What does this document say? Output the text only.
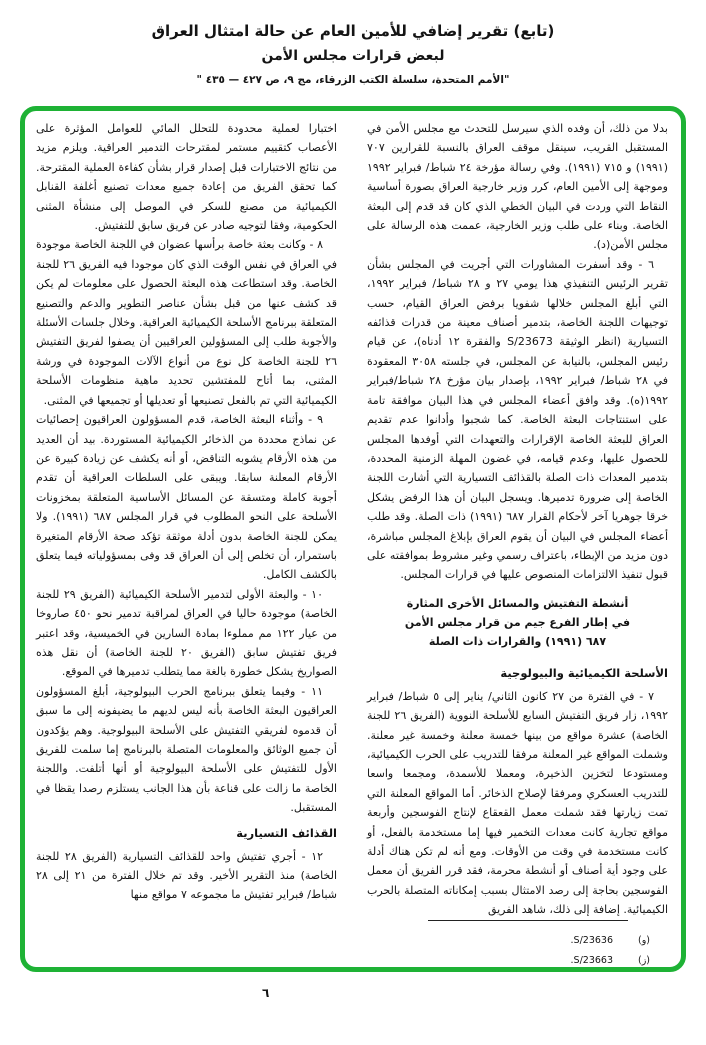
(تابع) تقرير إضافي للأمين العام عن حالة امتثال العراق
لبعض قرارات مجلس الأمن
"الأمم المتحدة، سلسلة الكتب الزرقاء، مج ٩، ص ٤٢٧ — ٤٣٥ "

بدلا من ذلك، أن وفده الذي سيرسل للتحدث مع مجلس الأمن في المستقبل القريب، سينقل موقف العراق بالنسبة للقرارين ٧٠٧ (١٩٩١) و ٧١٥ (١٩٩١). وفي رسالة مؤرخة ٢٤ شباط/ فبراير ١٩٩٢ وموجهة إلى الأمين العام، كرر وزير خارجية العراق بصورة أساسية النقاط التي وردت في البيان الخطي الذي كان قد قدم إلى البعثة الخاصة. وبناء على طلب وزير الخارجية، عممت هذه الرسالة على مجلس الأمن(د).

٦ - وقد أسفرت المشاورات التي أجريت في المجلس بشأن تقرير الرئيس التنفيذي هذا يومي ٢٧ و ٢٨ شباط/ فبراير ١٩٩٢، التي أبلغ المجلس خلالها شفويا برفض العراق القيام، حسب توجيهات اللجنة الخاصة، بتدمير أصناف معينة من قدرات قذائفه التسيارية (انظر الوثيقة S/23673 والفقرة ١٢ أدناه)، عن قيام رئيس المجلس، بالنيابة عن المجلس، في جلسته ٣٠٥٨ المعقودة في ٢٨ شباط/ فبراير ١٩٩٢، بإصدار بيان مؤرخ ٢٨ شباط/فبراير ١٩٩٢(ه). وقد وافق أعضاء المجلس في هذا البيان موافقة تامة على استنتاجات البعثة الخاصة. كما شجبوا وأدانوا عدم تقديم العراق للبعثة الخاصة الإقرارات والتعهدات التي أوفدها المجلس للحصول عليها، وعدم قيامه، في غضون المهلة الزمنية المحددة، بتدمير المعدات ذات الصلة بالقذائف التسيارية التي أشارت اللجنة الخاصة إلى ضرورة تدميرها. ويسجل البيان أن هذا الرفض يشكل خرقا جوهريا آخر لأحكام القرار ٦٨٧ (١٩٩١) ذات الصلة. وقد طلب أعضاء المجلس في البيان أن يقوم العراق بإبلاغ المجلس مباشرة، دون مزيد من الإبطاء، باعتراف رسمي وغير مشروط بموافقته على قبول تنفيذ الالتزامات المنصوص عليها في قرارات المجلس.

أنشطة التفتيش والمسائل الأخرى المثارة
في إطار الفرع جيم من قرار مجلس الأمن
٦٨٧ (١٩٩١) والقرارات ذات الصلة
الأسلحة الكيميائية والبيولوجية

٧ - في الفترة من ٢٧ كانون الثاني/ يناير إلى ٥ شباط/ فبراير ١٩٩٢، زار فريق التفتيش السابع للأسلحة النووية (الفريق ٢٦ للجنة الخاصة) عشرة مواقع من بينها خمسة معلنة وخمسة غير معلنة. وشملت المواقع غير المعلنة مرفقا للتدريب على الحرب الكيميائية، ومستودعا لتخزين الذخيرة، ومعملا للأسمدة، ومجمعا واسعا للتدريب العسكري ومرفقا لإصلاح الذخائر. أما المواقع المعلنة التي تمت زيارتها فقد شملت معمل القعقاع لإنتاج الفوسجين وأربعة مواقع تجارية كانت معدات التخمير فيها إما مستخدمة بالفعل، أو كانت مستخدمة في وقت من الأوقات. ومع أنه لم تكن هناك أدلة على وجود أية أصناف أو أنشطة محرمة، فقد قرر الفريق أن معمل الفوسجين بحاجة إلى رصد الامتثال بسبب إمكاناته المتصلة بالحرب الكيميائية. إضافة إلى ذلك، شاهد الفريق

(و)
S/23636.
(ز)
S/23663.

اختبارا لعملية محدودة للتحلل المائي للعوامل المؤثرة على الأعصاب كتقييم مستمر لمقترحات التدمير العراقية. ويلزم مزيد من نتائج الاختبارات قبل إصدار قرار بشأن كفاءة العملية المقترحة. كما تحقق الفريق من إعادة جميع معدات تصنيع أغلفة القنابل الكيميائية من مصنع للسكر في الموصل إلى منشأة المثنى الحكومية، وفقا لتوجيه صادر عن فريق سابق للتفتيش.

٨ - وكانت بعثة خاصة برأسها عضوان في اللجنة الخاصة موجودة في العراق في نفس الوقت الذي كان موجودا فيه الفريق ٢٦ للجنة الخاصة. وقد استطاعت هذه البعثة الحصول على معلومات لم يكن قد كشف عنها من قبل بشأن عناصر التطوير والدعم والتصنيع المتعلقة ببرنامج الأسلحة الكيميائية العراقية. وخلال جلسات الأسئلة والأجوبة طلب إلى المسؤولين العراقيين أن يصفوا لفريق التفتيش ٢٦ للجنة الخاصة كل نوع من أنواع الآلات الموجودة في ورشة المثنى، بما أتاح للمفتشين تحديد ماهية منظومات الأسلحة الكيميائية التي تم بالفعل تصنيعها أو تعديلها أو تجميعها في المثنى.

٩ - وأثناء البعثة الخاصة، قدم المسؤولون العراقيون إحصائيات عن نماذج محددة من الذخائر الكيميائية المستوردة. بيد أن العديد من هذه الأرقام يشوبه التناقض، أو أنه يكشف عن زيادة كبيرة عن الأرقام المعلنة سابقا. ويبقى على السلطات العراقية أن تقدم أجوبة كاملة ومتسقة عن المسائل الأساسية المتعلقة بمخزونات الأسلحة على النحو المطلوب في قرار المجلس ٦٨٧ (١٩٩١). ولا يمكن للجنة الخاصة بدون أدلة موثقة تؤكد صحة الأرقام المتغيرة باستمرار، أن تخلص إلى أن العراق قد وفى بمسؤولياته فيما يتعلق بالكشف الكامل.

١٠ - والبعثة الأولى لتدمير الأسلحة الكيميائية (الفريق ٢٩ للجنة الخاصة) موجودة حاليا في العراق لمراقبة تدمير نحو ٤٥٠ صاروخا من عيار ١٢٢ مم مملوءا بمادة السارين في الخميسية، وقد اعتبر فريق تفتيش سابق (الفريق ٢٠ للجنة الخاصة) أن نقل هذه الصواريخ يشكل خطورة بالغة مما يتطلب تدميرها في الموقع.

١١ - وفيما يتعلق ببرنامج الحرب البيولوجية، أبلغ المسؤولون العراقيون البعثة الخاصة بأنه ليس لديهم ما يضيفونه إلى ما سبق أن قدموه لفريقي التفتيش على الأسلحة البيولوجية. وهم يؤكدون أن جميع الوثائق والمعلومات المتصلة بالبرنامج إما سلمت للفريق الأول للتفتيش على الأسلحة البيولوجية أو أنها أتلفت. واللجنة الخاصة ما زالت على قناعة بأن هذا الجانب يستلزم رصدا يقظا في المستقبل.

القذائف التسيارية

١٢ - أجري تفتيش واحد للقذائف التسيارية (الفريق ٢٨ للجنة الخاصة) منذ التقرير الأخير. وقد تم خلال الفترة من ٢١ إلى ٢٨ شباط/ فبراير تفتيش ما مجموعه ٧ مواقع منها

٦
